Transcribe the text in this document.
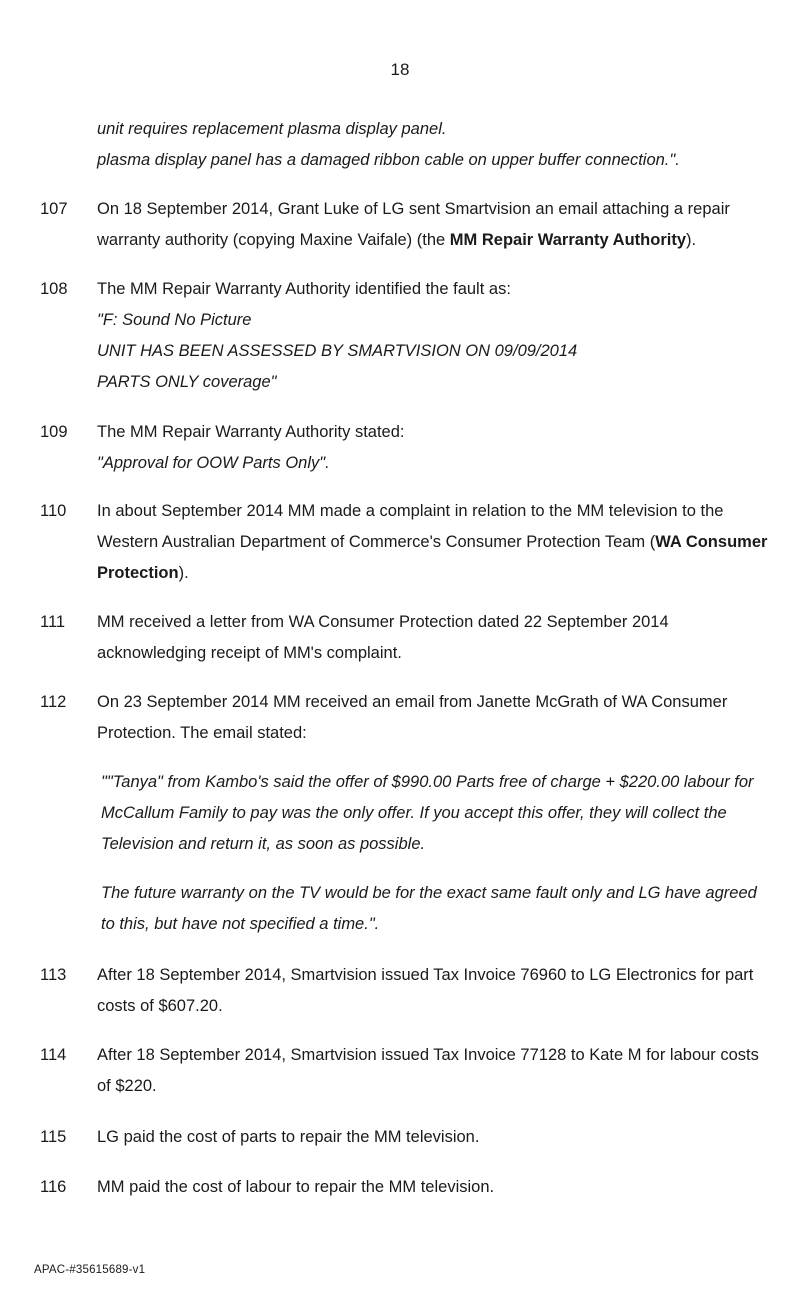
18
unit requires replacement plasma display panel.
plasma display panel has a damaged ribbon cable on upper buffer connection.".
107	On 18 September 2014, Grant Luke of LG sent Smartvision an email attaching a repair warranty authority (copying Maxine Vaifale) (the MM Repair Warranty Authority).

108	The MM Repair Warranty Authority identified the fault as:

"F: Sound No Picture
UNIT HAS BEEN ASSESSED BY SMARTVISION ON 09/09/2014
PARTS ONLY coverage"
109	The MM Repair Warranty Authority stated:

"Approval for OOW Parts Only".
110	In about September 2014 MM made a complaint in relation to the MM television to the Western Australian Department of Commerce's Consumer Protection Team (WA Consumer Protection).

111	MM received a letter from WA Consumer Protection dated 22 September 2014 acknowledging receipt of MM's complaint.

112	On 23 September 2014 MM received an email from Janette McGrath of WA Consumer Protection. The email stated:

""Tanya" from Kambo's said the offer of $990.00 Parts free of charge + $220.00 labour for McCallum Family to pay was the only offer. If you accept this offer, they will collect the Television and return it, as soon as possible.

The future warranty on the TV would be for the exact same fault only and LG have agreed to this, but have not specified a time.".

113	After 18 September 2014, Smartvision issued Tax Invoice 76960 to LG Electronics for part costs of $607.20.

114	After 18 September 2014, Smartvision issued Tax Invoice 77128 to Kate M for labour costs of $220.

115	LG paid the cost of parts to repair the MM television.

116	MM paid the cost of labour to repair the MM television.

APAC-#35615689-v1
